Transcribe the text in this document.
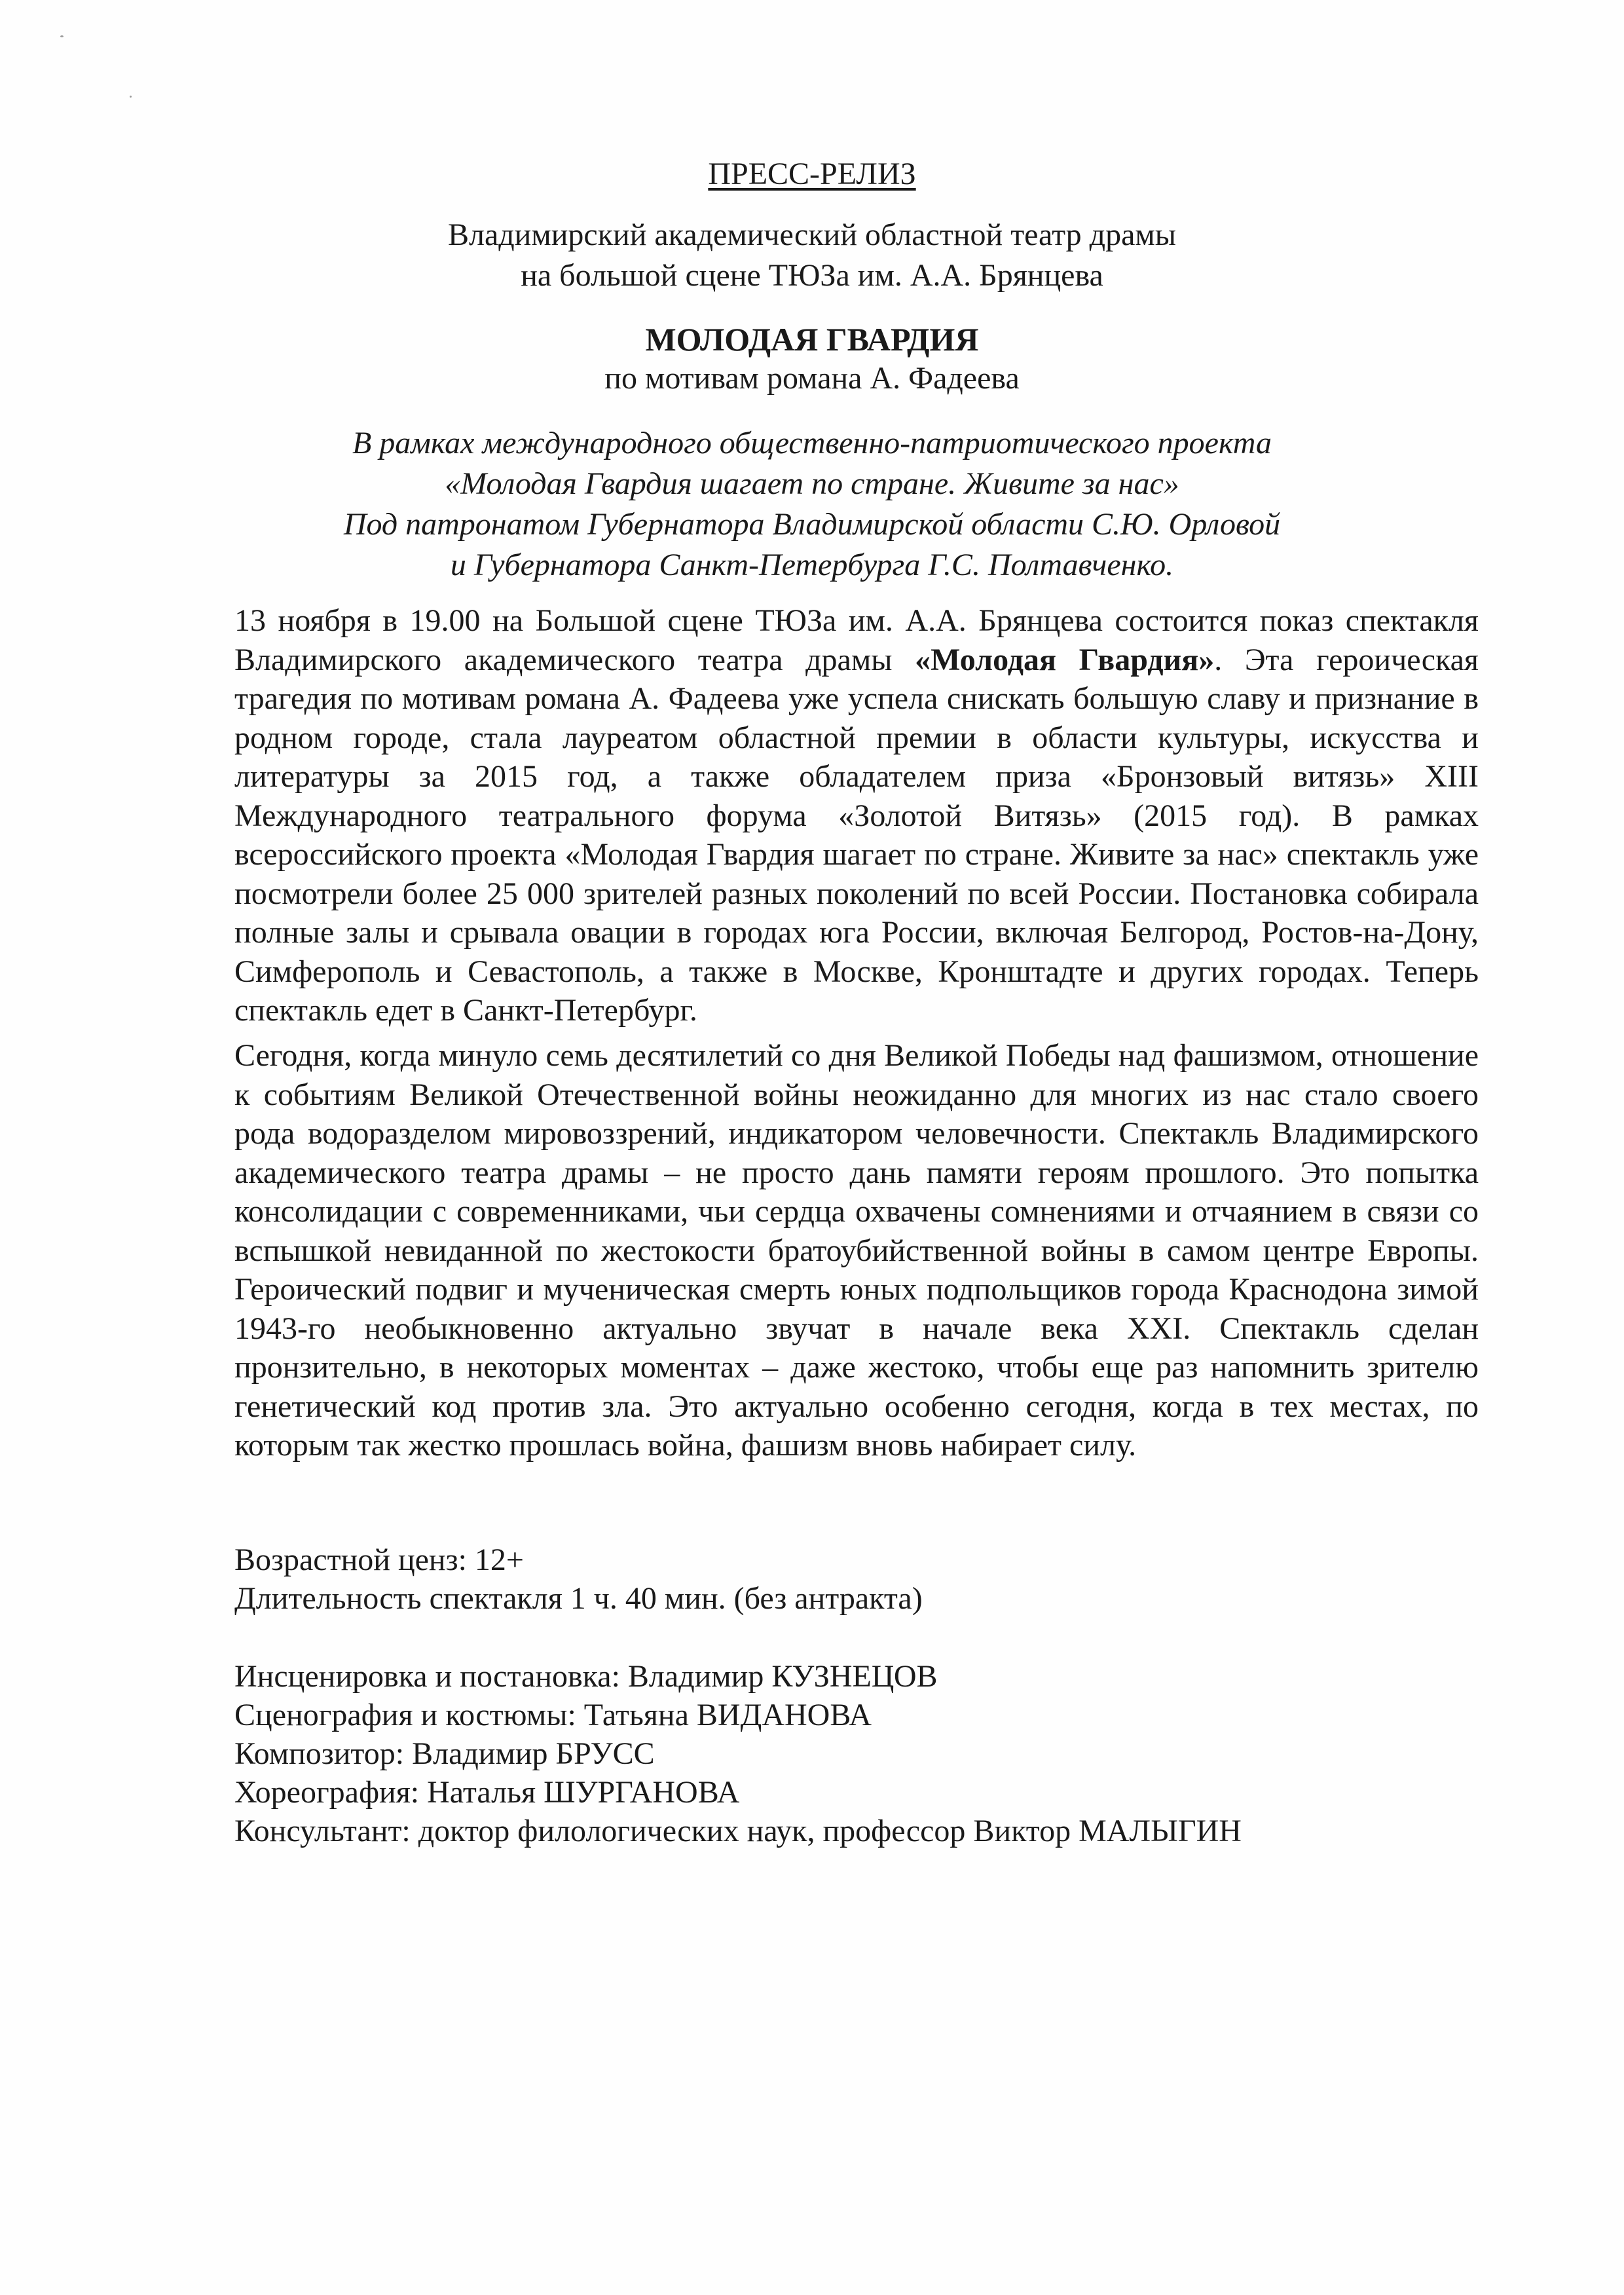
ПРЕСС-РЕЛИЗ
Владимирский академический областной театр драмы
на большой сцене ТЮЗа им. А.А. Брянцева
МОЛОДАЯ ГВАРДИЯ
по мотивам романа А. Фадеева
В рамках международного общественно-патриотического проекта
«Молодая Гвардия шагает по стране. Живите за нас»
Под патронатом Губернатора Владимирской области С.Ю. Орловой
и Губернатора Санкт-Петербурга Г.С. Полтавченко.

13 ноября в 19.00 на Большой сцене ТЮЗа им. А.А. Брянцева состоится показ спектакля Владимирского академического театра драмы «Молодая Гвардия». Эта героическая трагедия по мотивам романа А. Фадеева уже успела снискать большую славу и признание в родном городе, стала лауреатом областной премии в области культуры, искусства и литературы за 2015 год, а также обладателем приза «Бронзовый витязь» XIII Международного театрального форума «Золотой Витязь» (2015 год). В рамках всероссийского проекта «Молодая Гвардия шагает по стране. Живите за нас» спектакль уже посмотрели более 25 000 зрителей разных поколений по всей России. Постановка собирала полные залы и срывала овации в городах юга России, включая Белгород, Ростов-на-Дону, Симферополь и Севастополь, а также в Москве, Кронштадте и других городах. Теперь спектакль едет в Санкт-Петербург.

Сегодня, когда минуло семь десятилетий со дня Великой Победы над фашизмом, отношение к событиям Великой Отечественной войны неожиданно для многих из нас стало своего рода водоразделом мировоззрений, индикатором человечности. Спектакль Владимирского академического театра драмы – не просто дань памяти героям прошлого. Это попытка консолидации с современниками, чьи сердца охвачены сомнениями и отчаянием в связи со вспышкой невиданной по жестокости братоубийственной войны в самом центре Европы. Героический подвиг и мученическая смерть юных подпольщиков города Краснодона зимой 1943-го необыкновенно актуально звучат в начале века XXI. Спектакль сделан пронзительно, в некоторых моментах – даже жестоко, чтобы еще раз напомнить зрителю генетический код против зла. Это актуально особенно сегодня, когда в тех местах, по которым так жестко прошлась война, фашизм вновь набирает силу.

Возрастной ценз: 12+
Длительность спектакля 1 ч. 40 мин. (без антракта)
Инсценировка и постановка: Владимир КУЗНЕЦОВ
Сценография и костюмы: Татьяна ВИДАНОВА
Композитор: Владимир БРУСС
Хореография: Наталья ШУРГАНОВА
Консультант: доктор филологических наук, профессор Виктор МАЛЫГИН
